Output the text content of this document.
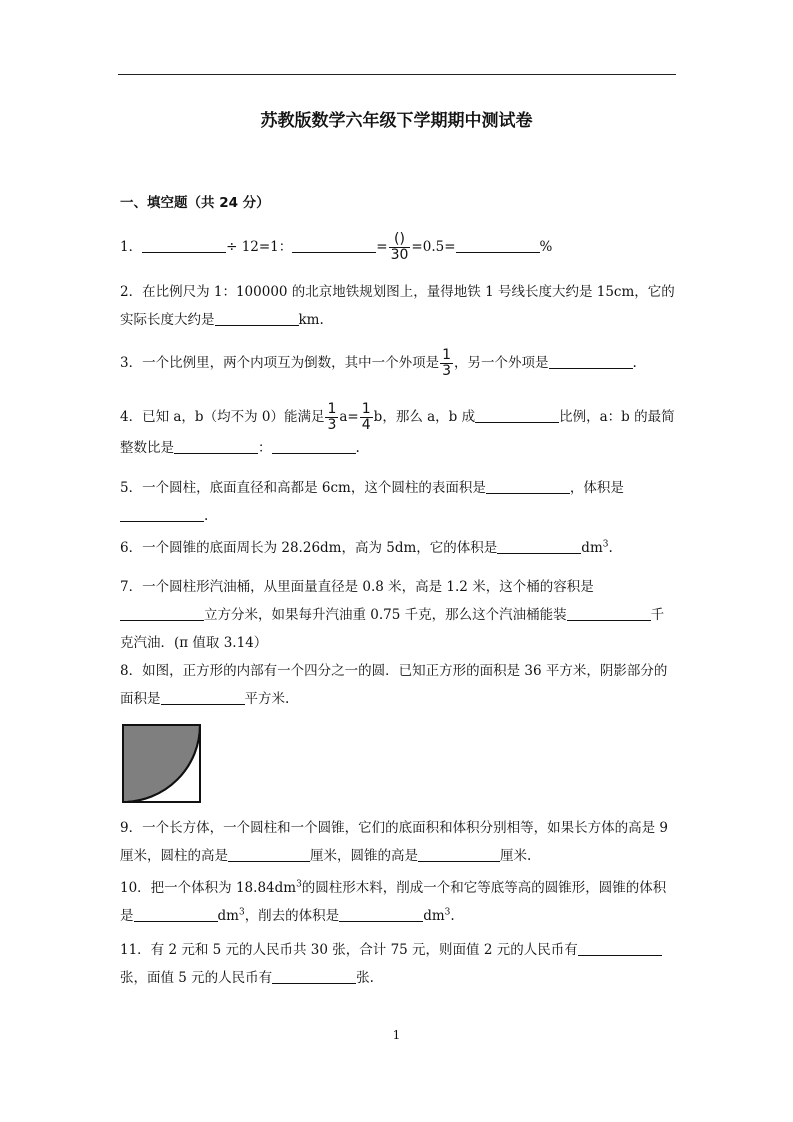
苏教版数学六年级下学期期中测试卷
一、填空题（共 24 分）
1．	÷ 12=1：	= $\frac{()}{30} =0.5=$	%
2．在比例尺为 1：100000 的北京地铁规划图上，量得地铁 1 号线长度大约是 15cm，它的实际长度大约是	km.
3．一个比例里，两个内项互为倒数，其中一个外项是 $\frac{1}{3}$ ，另一个外项是	.
4．已知 a，b（均不为 0）能满足 $\frac{1}{3} a= \frac{1}{4}$ b，那么 a，b 成	比例，a：b 的最简整数比是	：	.
5．一个圆柱，底面直径和高都是 6cm，这个圆柱的表面积是	，体积是.
6．一个圆锥的底面周长为 28.26dm，高为 5dm，它的体积是	$dm^3$.
7．一个圆柱形汽油桶，从里面量直径是 0.8 米，高是 1.2 米，这个桶的容积是立方分米，如果每升汽油重 0.75 千克，那么这个汽油桶能装	千克汽油．(π 值取 3.14）
8．如图，正方形的内部有一个四分之一的圆．已知正方形的面积是 36 平方米，阴影部分的面积是	平方米.
9．一个长方体，一个圆柱和一个圆锥，它们的底面积和体积分别相等，如果长方体的高是 9 厘米，圆柱的高是	厘米，圆锥的高是	厘米.
10．把一个体积为 $18.84dm^3$的圆柱形木料，削成一个和它等底等高的圆锥形，圆锥的体积是	$dm^3$，削去的体积是	$dm^3$.
11．有 2 元和 5 元的人民币共 30 张，合计 75 元，则面值 2 元的人民币有张，面值 5 元的人民币有	张.
1
